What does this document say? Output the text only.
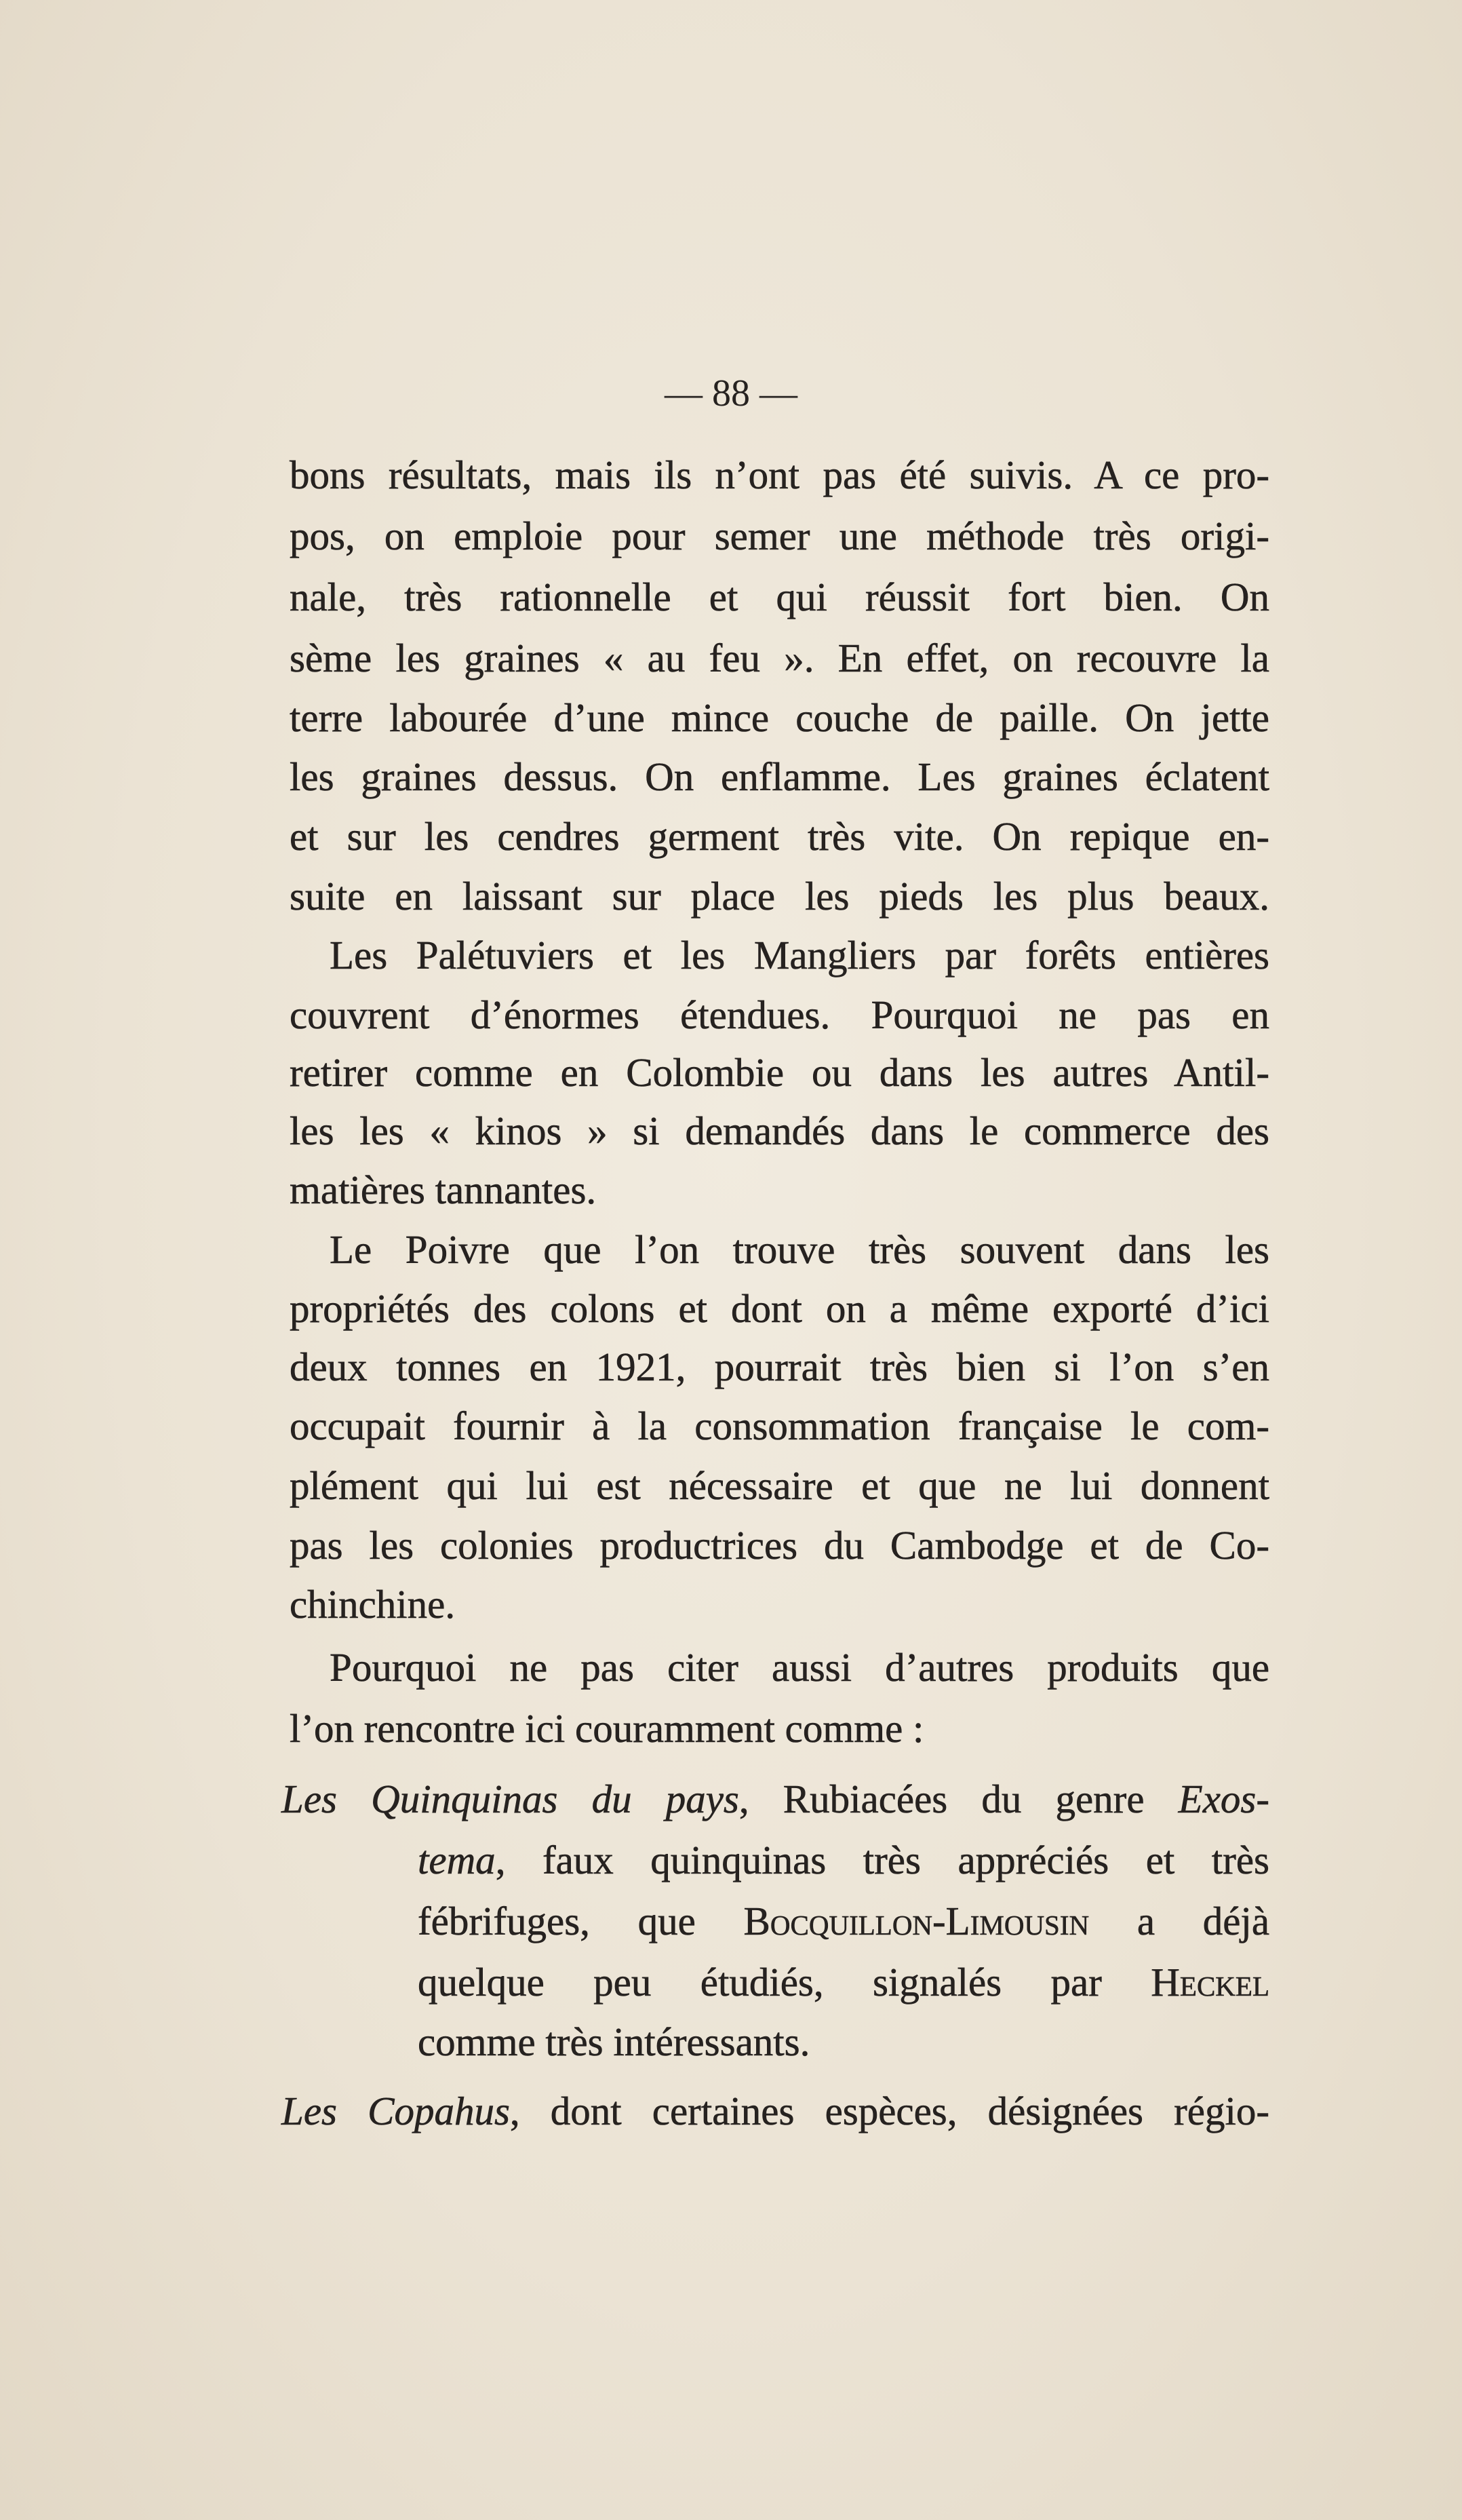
— 88 —
bons résultats, mais ils n’ont pas été suivis. A ce pro-
pos, on emploie pour semer une méthode très origi-
nale, très rationnelle et qui réussit fort bien. On
sème les graines « au feu ». En effet, on recouvre la
terre labourée d’une mince couche de paille. On jette
les graines dessus. On enflamme. Les graines éclatent
et sur les cendres germent très vite. On repique en-
suite en laissant sur place les pieds les plus beaux.
Les Palétuviers et les Mangliers par forêts entières
couvrent d’énormes étendues. Pourquoi ne pas en
retirer comme en Colombie ou dans les autres Antil-
les les « kinos » si demandés dans le commerce des
matières tannantes.
Le Poivre que l’on trouve très souvent dans les
propriétés des colons et dont on a même exporté d’ici
deux tonnes en 1921, pourrait très bien si l’on s’en
occupait fournir à la consommation française le com-
plément qui lui est nécessaire et que ne lui donnent
pas les colonies productrices du Cambodge et de Co-
chinchine.
Pourquoi ne pas citer aussi d’autres produits que
l’on rencontre ici couramment comme :
Les Quinquinas du pays, Rubiacées du genre Exos-
tema, faux quinquinas très appréciés et très
fébrifuges, que Bocquillon-Limousin a déjà
quelque peu étudiés, signalés par Heckel
comme très intéressants.
Les Copahus, dont certaines espèces, désignées régio-
